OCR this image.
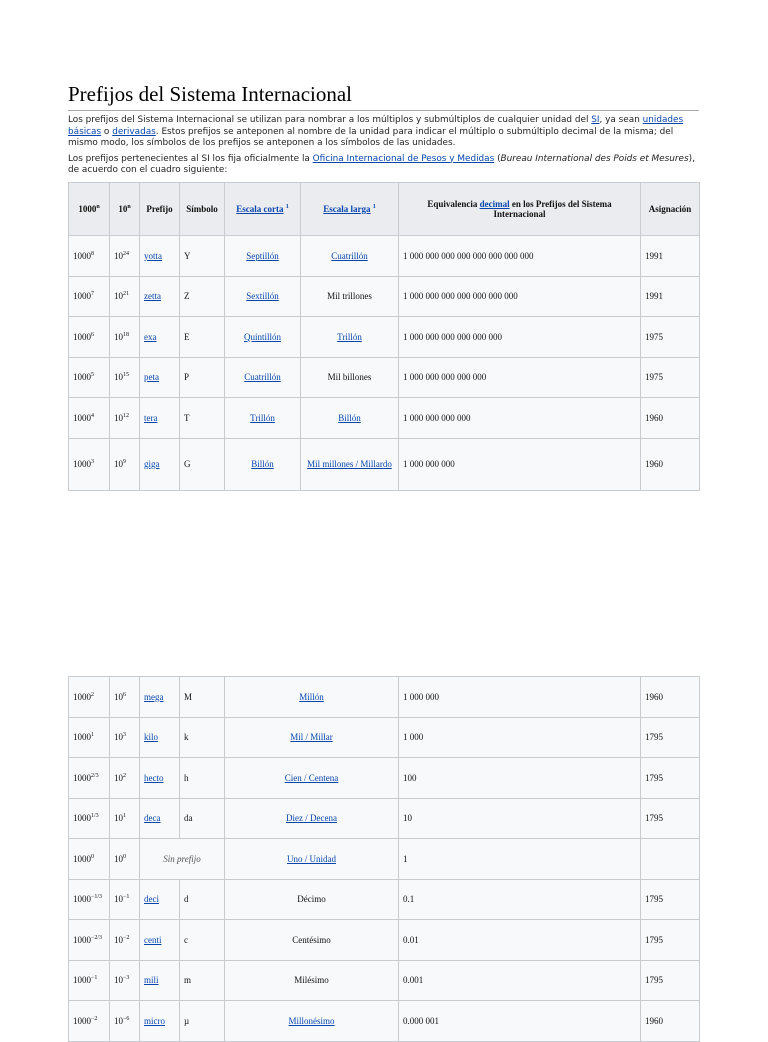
Prefijos del Sistema Internacional

Los prefijos del Sistema Internacional se utilizan para nombrar a los múltiplos y submúltiplos de cualquier unidad del SI, ya sean unidades básicas o derivadas. Estos prefijos se anteponen al nombre de la unidad para indicar el múltiplo o submúltiplo decimal de la misma; del mismo modo, los símbolos de los prefijos se anteponen a los símbolos de las unidades.

Los prefijos pertenecientes al SI los fija oficialmente la Oficina Internacional de Pesos y Medidas (Bureau International des Poids et Mesures), de acuerdo con el cuadro siguiente:

1000$^n$	10$^n$	Prefijo	Símbolo	Escala corta $^1$	Escala larga $^1$	Equivalencia decimal en los Prefijos del Sistema Internacional	Asignación
1000$^8$	$10^{24}$	yotta	Y	Septillón	Cuatrillón	1 000 000 000 000 000 000 000 000	1991
1000$^7$	$10^{21}$	zetta	Z	Sextillón	Mil trillones	1 000 000 000 000 000 000 000	1991
1000$^6$	$10^{18}$	exa	E	Quintillón	Trillón	1 000 000 000 000 000 000	1975
1000$^5$	$10^{15}$	peta	P	Cuatrillón	Mil billones	1 000 000 000 000 000	1975
1000$^4$	$10^{12}$	tera	T	Trillón	Billón	1 000 000 000 000	1960
1000$^3$	$10^9$	giga	G	Billón	Mil millones / Millardo	1 000 000 000	1960
1000$^2$	$10^6$	mega	M	Millón	1 000 000	1960
1000$^1$	$10^3$	kilo	k	Mil / Millar	1 000	1795
$1000^{2/3}$	$10^2$	hecto	h	Cien / Centena	100	1795
$1000^{1/3}$	$10^1$	deca	da	Diez / Decena	10	1795
1000$^0$	$10^0$	Sin prefijo		Uno / Unidad	1	
$1000^{-1/3}$	$10^{-1}$	deci	d	Décimo	0.1	1795
$1000^{-2/3}$	$10^{-2}$	centi	c	Centésimo	0.01	1795
$1000^{-1}$	$10^{-3}$	mili	m	Milésimo	0.001	1795
$1000^{-2}$	$10^{-6}$	micro	µ	Millonésimo	0.000 001	1960
